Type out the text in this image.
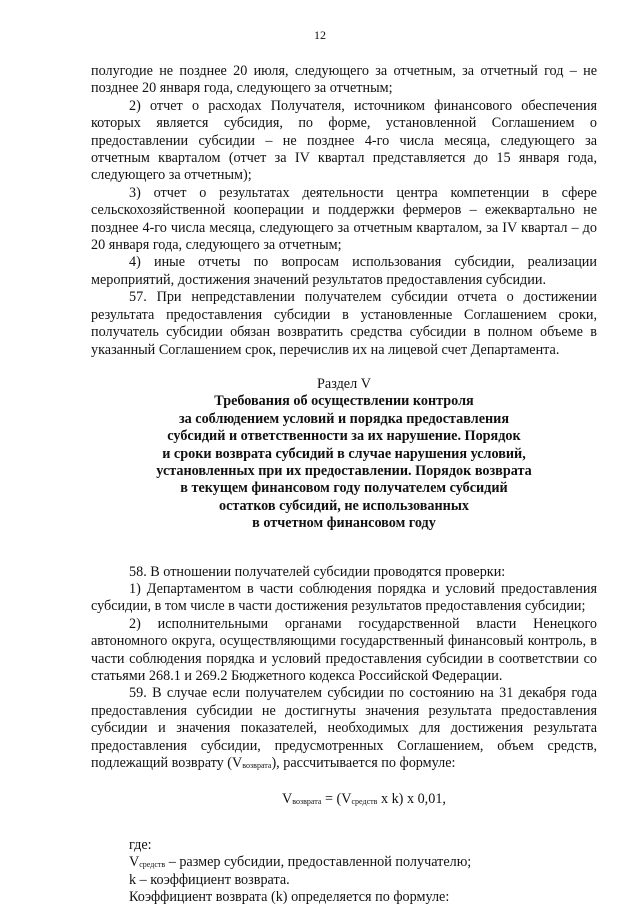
12

полугодие не позднее 20 июля, следующего за отчетным, за отчетный год – не позднее 20 января года, следующего за отчетным;

2) отчет о расходах Получателя, источником финансового обеспечения которых является субсидия, по форме, установленной Соглашением о предоставлении субсидии – не позднее 4-го числа месяца, следующего за отчетным кварталом (отчет за IV квартал представляется до 15 января года, следующего за отчетным);

3) отчет о результатах деятельности центра компетенции в сфере сельскохозяйственной кооперации и поддержки фермеров – ежеквартально не позднее 4-го числа месяца, следующего за отчетным кварталом, за IV квартал – до 20 января года, следующего за отчетным;

4) иные отчеты по вопросам использования субсидии, реализации мероприятий, достижения значений результатов предоставления субсидии.

57. При непредставлении получателем субсидии отчета о достижении результата предоставления субсидии в установленные Соглашением сроки, получатель субсидии обязан возвратить средства субсидии в полном объеме в указанный Соглашением срок, перечислив их на лицевой счет Департамента.

Раздел V

Требования об осуществлении контроля
за соблюдением условий и порядка предоставления
субсидий и ответственности за их нарушение. Порядок
и сроки возврата субсидий в случае нарушения условий,
установленных при их предоставлении. Порядок возврата
в текущем финансовом году получателем субсидий
остатков субсидий, не использованных
в отчетном финансовом году

58. В отношении получателей субсидии проводятся проверки:

1) Департаментом в части соблюдения порядка и условий предоставления субсидии, в том числе в части достижения результатов предоставления субсидии;

2) исполнительными органами государственной власти Ненецкого автономного округа, осуществляющими государственный финансовый контроль, в части соблюдения порядка и условий предоставления субсидии в соответствии со статьями 268.1 и 269.2 Бюджетного кодекса Российской Федерации.

59. В случае если получателем субсидии по состоянию на 31 декабря года предоставления субсидии не достигнуты значения результата предоставления субсидии и значения показателей, необходимых для достижения результата предоставления субсидии, предусмотренных Соглашением, объем средств, подлежащий возврату $(V_{возврата})$, рассчитывается по формуле:

$V_{возврата} = (V_{средств}$ x k) x 0,01,

где:

$V_{средств}$ – размер субсидии, предоставленной получателю;

k – коэффициент возврата.

Коэффициент возврата (k) определяется по формуле:
